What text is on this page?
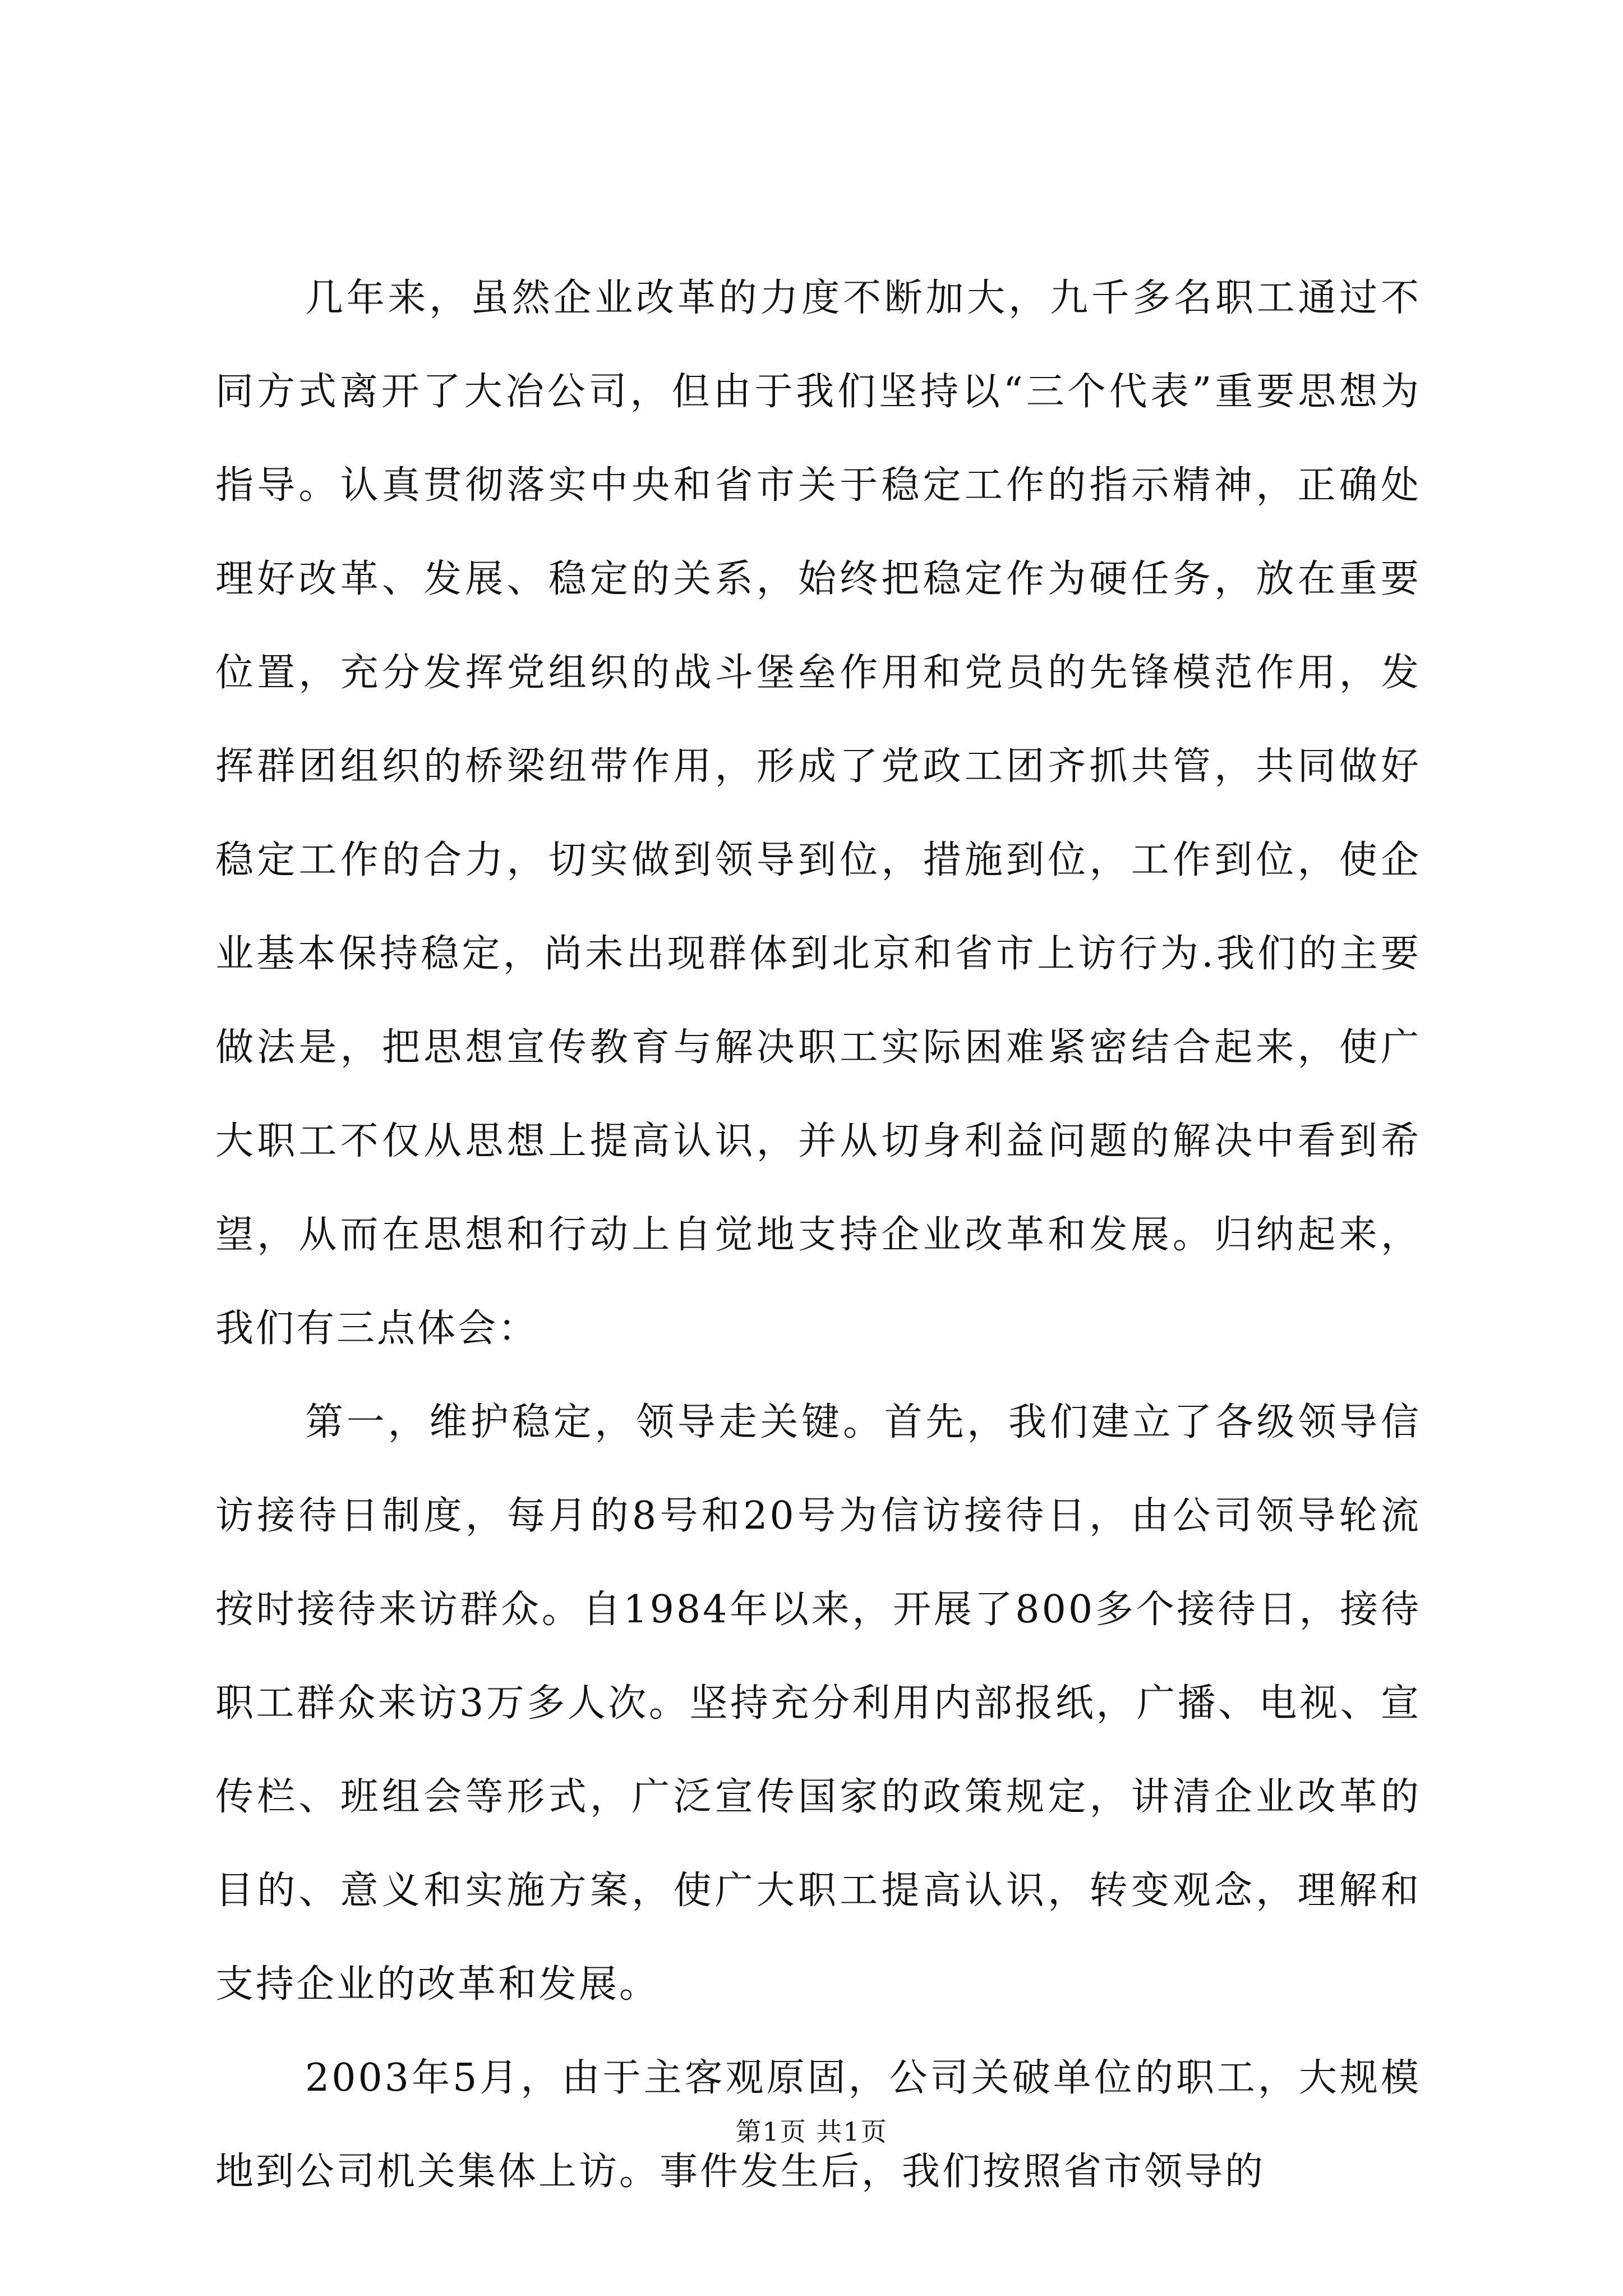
几年来，虽然企业改革的力度不断加大，九千多名职工通过不同方式离开了大冶公司，但由于我们坚持以“三个代表”重要思想为指导。认真贯彻落实中央和省市关于稳定工作的指示精神，正确处理好改革、发展、稳定的关系，始终把稳定作为硬任务，放在重要位置，充分发挥党组织的战斗堡垒作用和党员的先锋模范作用，发挥群团组织的桥梁纽带作用，形成了党政工团齐抓共管，共同做好稳定工作的合力，切实做到领导到位，措施到位，工作到位，使企业基本保持稳定，尚未出现群体到北京和省市上访行为.我们的主要做法是，把思想宣传教育与解决职工实际困难紧密结合起来，使广大职工不仅从思想上提高认识，并从切身利益问题的解决中看到希望，从而在思想和行动上自觉地支持企业改革和发展。归纳起来，我们有三点体会：

第一，维护稳定，领导走关键。首先，我们建立了各级领导信访接待日制度，每月的8号和20号为信访接待日，由公司领导轮流按时接待来访群众。自1984年以来，开展了800多个接待日，接待职工群众来访3万多人次。坚持充分利用内部报纸，广播、电视、宣传栏、班组会等形式，广泛宣传国家的政策规定，讲清企业改革的目的、意义和实施方案，使广大职工提高认识，转变观念，理解和支持企业的改革和发展。

2003年5月，由于主客观原固，公司关破单位的职工，大规模地到公司机关集体上访。事件发生后，我们按照省市领导的

第1页 共1页
